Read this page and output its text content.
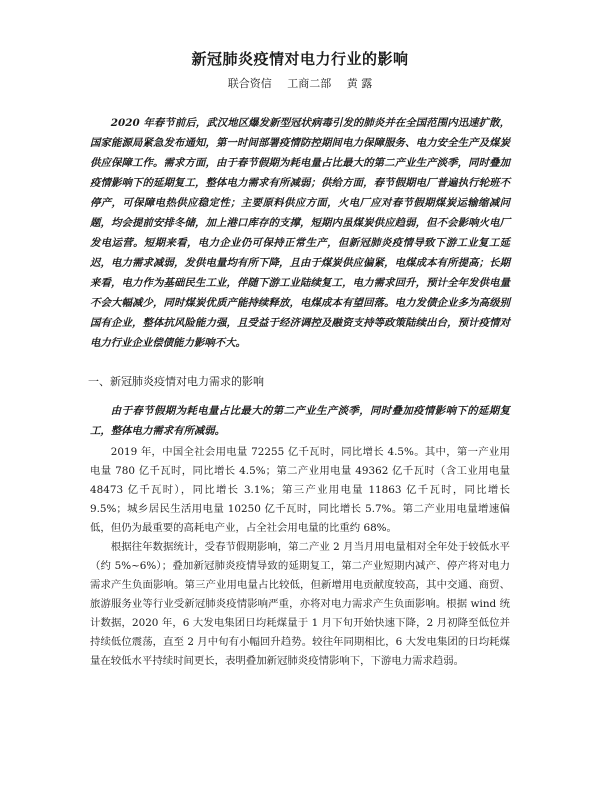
新冠肺炎疫情对电力行业的影响
联合资信 工商二部 黄 露

2020 年春节前后，武汉地区爆发新型冠状病毒引发的肺炎并在全国范围内迅速扩散，国家能源局紧急发布通知，第一时间部署疫情防控期间电力保障服务、电力安全生产及煤炭供应保障工作。需求方面，由于春节假期为耗电量占比最大的第二产业生产淡季，同时叠加疫情影响下的延期复工，整体电力需求有所减弱；供给方面，春节假期电厂普遍执行轮班不停产，可保障电热供应稳定性；主要原料供应方面，火电厂应对春节假期煤炭运输缩减问题，均会提前安排冬储，加上港口库存的支撑，短期内虽煤炭供应趋弱，但不会影响火电厂发电运营。短期来看，电力企业仍可保持正常生产，但新冠肺炎疫情导致下游工业复工延迟，电力需求减弱，发供电量均有所下降，且由于煤炭供应偏紧，电煤成本有所提高；长期来看，电力作为基础民生工业，伴随下游工业陆续复工，电力需求回升，预计全年发供电量不会大幅减少，同时煤炭优质产能持续释放，电煤成本有望回落。电力发债企业多为高级别国有企业，整体抗风险能力强，且受益于经济调控及融资支持等政策陆续出台，预计疫情对电力行业企业偿债能力影响不大。

一、新冠肺炎疫情对电力需求的影响

由于春节假期为耗电量占比最大的第二产业生产淡季，同时叠加疫情影响下的延期复工，整体电力需求有所减弱。

2019 年，中国全社会用电量 72255 亿千瓦时，同比增长 4.5%。其中，第一产业用电量 780 亿千瓦时，同比增长 4.5%；第二产业用电量 49362 亿千瓦时（含工业用电量 48473 亿千瓦时），同比增长 3.1%；第三产业用电量 11863 亿千瓦时，同比增长 9.5%；城乡居民生活用电量 10250 亿千瓦时，同比增长 5.7%。第二产业用电量增速偏低，但仍为最重要的高耗电产业，占全社会用电量的比重约 68%。

根据往年数据统计，受春节假期影响，第二产业 2 月当月用电量相对全年处于较低水平（约 5%~6%）；叠加新冠肺炎疫情导致的延期复工，第二产业短期内减产、停产将对电力需求产生负面影响。第三产业用电量占比较低，但新增用电贡献度较高，其中交通、商贸、旅游服务业等行业受新冠肺炎疫情影响严重，亦将对电力需求产生负面影响。根据 wind 统计数据，2020 年，6 大发电集团日均耗煤量于 1 月下旬开始快速下降，2 月初降至低位并持续低位震荡，直至 2 月中旬有小幅回升趋势。较往年同期相比，6 大发电集团的日均耗煤量在较低水平持续时间更长，表明叠加新冠肺炎疫情影响下，下游电力需求趋弱。
